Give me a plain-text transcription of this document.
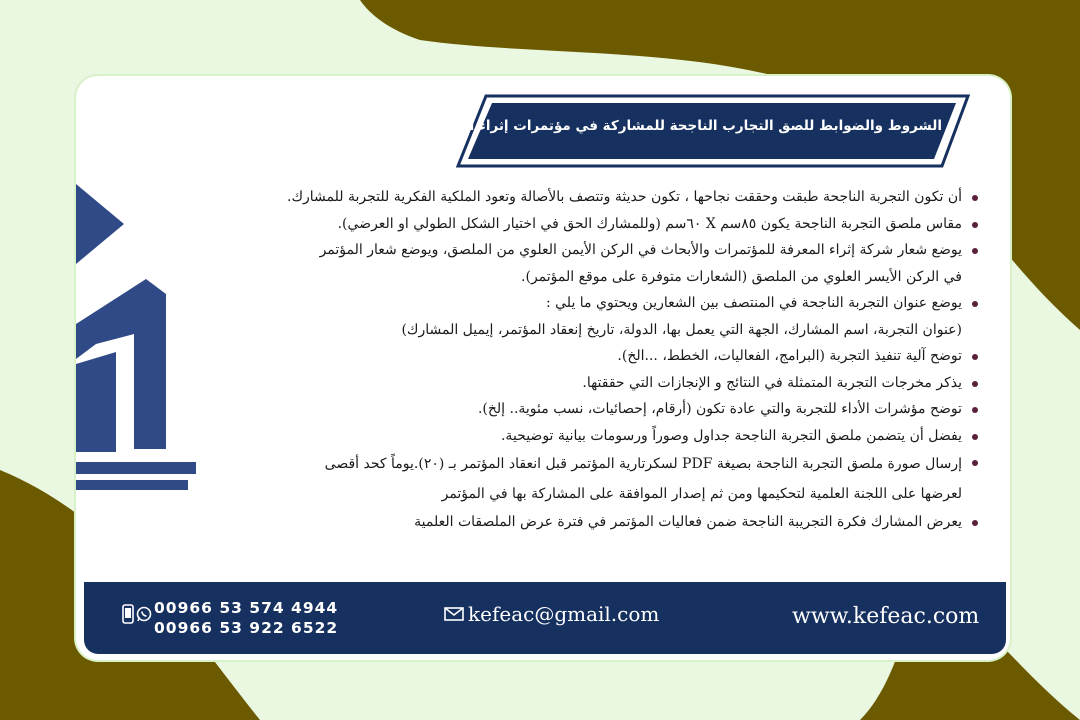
الشروط والضوابط للصق التجارب الناجحة للمشاركة في مؤتمرات إثراء المعرفة العلمية
أن تكون التجربة الناجحة طبقت وحققت نجاحها ، تكون حديثة وتتصف بالأصالة وتعود الملكية الفكرية للتجربة للمشارك.
مقاس ملصق التجربة الناجحة يكون ٨٥سم X ٦٠سم (وللمشارك الحق في اختيار الشكل الطولي او العرضي).
يوضع شعار شركة إثراء المعرفة للمؤتمرات والأبحاث في الركن الأيمن العلوي من الملصق، ويوضع شعار المؤتمر
في الركن الأيسر العلوي من الملصق (الشعارات متوفرة على موقع المؤتمر).
يوضع عنوان التجربة الناجحة في المنتصف بين الشعارين ويحتوي ما يلي :
(عنوان التجربة، اسم المشارك، الجهة التي يعمل بها، الدولة، تاريخ إنعقاد المؤتمر، إيميل المشارك)
توضح آلية تنفيذ التجربة (البرامج، الفعاليات، الخطط، ...الخ).
يذكر مخرجات التجربة المتمثلة في النتائج و الإنجازات التي حققتها.
توضح مؤشرات الأداء للتجربة والتي عادة تكون (أرقام، إحصائيات، نسب مئوية.. إلخ).
يفضل أن يتضمن ملصق التجربة الناجحة جداول وصوراً ورسومات بيانية توضيحية.
إرسال صورة ملصق التجربة الناجحة بصيغة PDF لسكرتارية المؤتمر قبل انعقاد المؤتمر بـ (٢٠).يوماً كحد أقصى
لعرضها على اللجنة العلمية لتحكيمها ومن ثم إصدار الموافقة على المشاركة بها في المؤتمر
يعرض المشارك فكرة التجريبة الناجحة ضمن فعاليات المؤتمر في فترة عرض الملصقات العلمية
00966 53 574 4944
00966 53 922 6522
kefeac@gmail.com	www.kefeac.com
